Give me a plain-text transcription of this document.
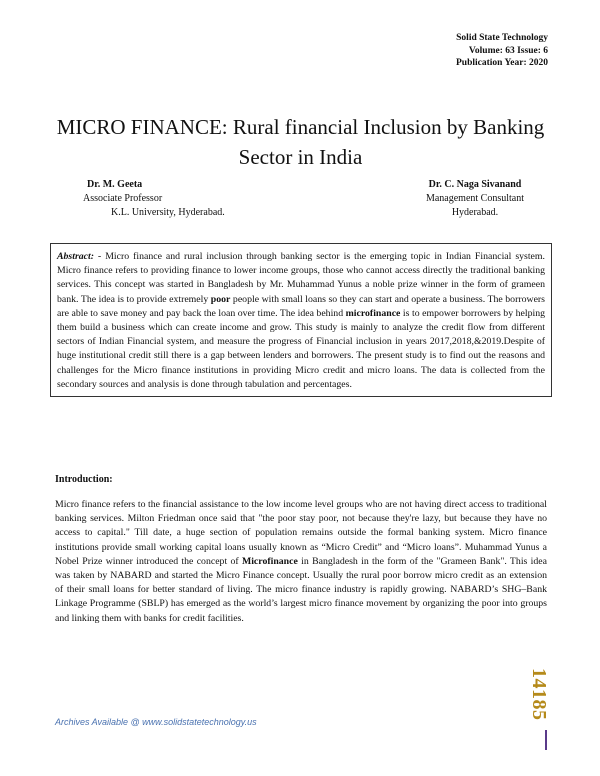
Solid State Technology
Volume: 63 Issue: 6
Publication Year: 2020
MICRO FINANCE: Rural financial Inclusion by Banking Sector in India
Dr. M. Geeta
Associate Professor
K.L. University, Hyderabad.
Dr. C. Naga Sivanand
Management Consultant
Hyderabad.
Abstract: - Micro finance and rural inclusion through banking sector is the emerging topic in Indian Financial system. Micro finance refers to providing finance to lower income groups, those who cannot access directly the traditional banking services. This concept was started in Bangladesh by Mr. Muhammad Yunus a noble prize winner in the form of grameen bank. The idea is to provide extremely poor people with small loans so they can start and operate a business. The borrowers are able to save money and pay back the loan over time. The idea behind microfinance is to empower borrowers by helping them build a business which can create income and grow. This study is mainly to analyze the credit flow from different sectors of Indian Financial system, and measure the progress of Financial inclusion in years 2017,2018,&2019.Despite of huge institutional credit still there is a gap between lenders and borrowers. The present study is to find out the reasons and challenges for the Micro finance institutions in providing Micro credit and micro loans. The data is collected from the secondary sources and analysis is done through tabulation and percentages.
Introduction:

Micro finance refers to the financial assistance to the low income level groups who are not having direct access to traditional banking services. Milton Friedman once said that "the poor stay poor, not because they're lazy, but because they have no access to capital." Till date, a huge section of population remains outside the formal banking system. Micro finance institutions provide small working capital loans usually known as “Micro Credit” and “Micro loans”. Muhammad Yunus a Nobel Prize winner introduced the concept of Microfinance in Bangladesh in the form of the "Grameen Bank". This idea was taken by NABARD and started the Micro Finance concept. Usually the rural poor borrow micro credit as an extension of their small loans for better standard of living. The micro finance industry is rapidly growing. NABARD’s SHG–Bank Linkage Programme (SBLP) has emerged as the world’s largest micro finance movement by organizing the poor into groups and linking them with banks for credit facilities.

Archives Available @ www.solidstatetechnology.us
14185
